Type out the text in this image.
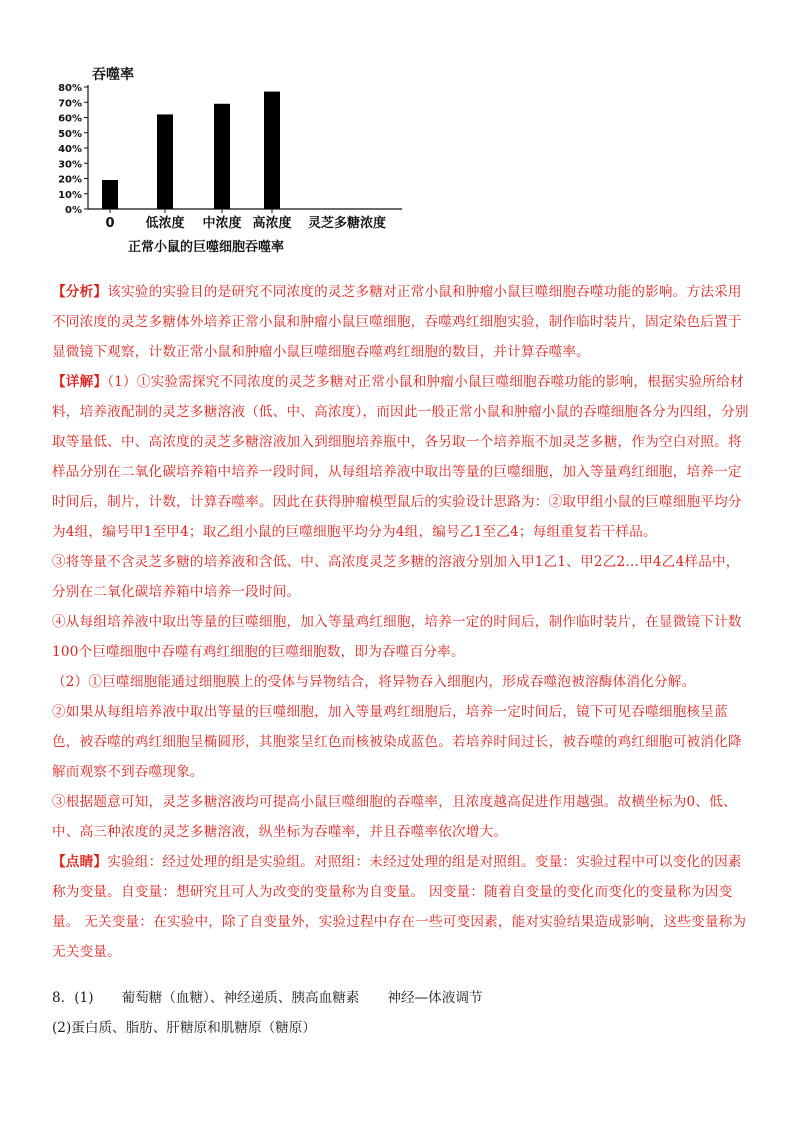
吞噬率
0%
10%
20%
30%
40%
50%
60%
70%
80%
0 低浓度 中浓度 高浓度 灵芝多糖浓度
正常小鼠的巨噬细胞吞噬率

【分析】该实验的实验目的是研究不同浓度的灵芝多糖对正常小鼠和肿瘤小鼠巨噬细胞吞噬功能的影响。方法采用不同浓度的灵芝多糖体外培养正常小鼠和肿瘤小鼠巨噬细胞，吞噬鸡红细胞实验，制作临时装片，固定染色后置于显微镜下观察，计数正常小鼠和肿瘤小鼠巨噬细胞吞噬鸡红细胞的数目，并计算吞噬率。

【详解】（1）①实验需探究不同浓度的灵芝多糖对正常小鼠和肿瘤小鼠巨噬细胞吞噬功能的影响，根据实验所给材料，培养液配制的灵芝多糖溶液（低、中、高浓度），而因此一般正常小鼠和肿瘤小鼠的吞噬细胞各分为四组，分别取等量低、中、高浓度的灵芝多糖溶液加入到细胞培养瓶中，各另取一个培养瓶不加灵芝多糖，作为空白对照。将样品分别在二氧化碳培养箱中培养一段时间，从每组培养液中取出等量的巨噬细胞，加入等量鸡红细胞，培养一定时间后，制片，计数，计算吞噬率。因此在获得肿瘤模型鼠后的实验设计思路为：②取甲组小鼠的巨噬细胞平均分为4组，编号甲1至甲4；取乙组小鼠的巨噬细胞平均分为4组，编号乙1至乙4；每组重复若干样品。

③将等量不含灵芝多糖的培养液和含低、中、高浓度灵芝多糖的溶液分别加入甲1乙1、甲2乙2…甲4乙4样品中，分别在二氧化碳培养箱中培养一段时间。

④从每组培养液中取出等量的巨噬细胞，加入等量鸡红细胞，培养一定的时间后，制作临时装片，在显微镜下计数100个巨噬细胞中吞噬有鸡红细胞的巨噬细胞数，即为吞噬百分率。

（2）①巨噬细胞能通过细胞膜上的受体与异物结合，将异物吞入细胞内，形成吞噬泡被溶酶体消化分解。

②如果从每组培养液中取出等量的巨噬细胞，加入等量鸡红细胞后，培养一定时间后，镜下可见吞噬细胞核呈蓝色，被吞噬的鸡红细胞呈椭圆形，其胞浆呈红色而核被染成蓝色。若培养时间过长，被吞噬的鸡红细胞可被消化降解而观察不到吞噬现象。

③根据题意可知，灵芝多糖溶液均可提高小鼠巨噬细胞的吞噬率，且浓度越高促进作用越强。故横坐标为0、低、中、高三种浓度的灵芝多糖溶液，纵坐标为吞噬率，并且吞噬率依次增大。

【点睛】实验组：经过处理的组是实验组。对照组：未经过处理的组是对照组。变量：实验过程中可以变化的因素称为变量。自变量：想研究且可人为改变的变量称为自变量。 因变量：随着自变量的变化而变化的变量称为因变量。 无关变量：在实验中，除了自变量外，实验过程中存在一些可变因素，能对实验结果造成影响，这些变量称为无关变量。

8．(1) 葡萄糖（血糖）、神经递质、胰高血糖素 神经—体液调节

(2)蛋白质、脂肪、肝糖原和肌糖原（糖原）
